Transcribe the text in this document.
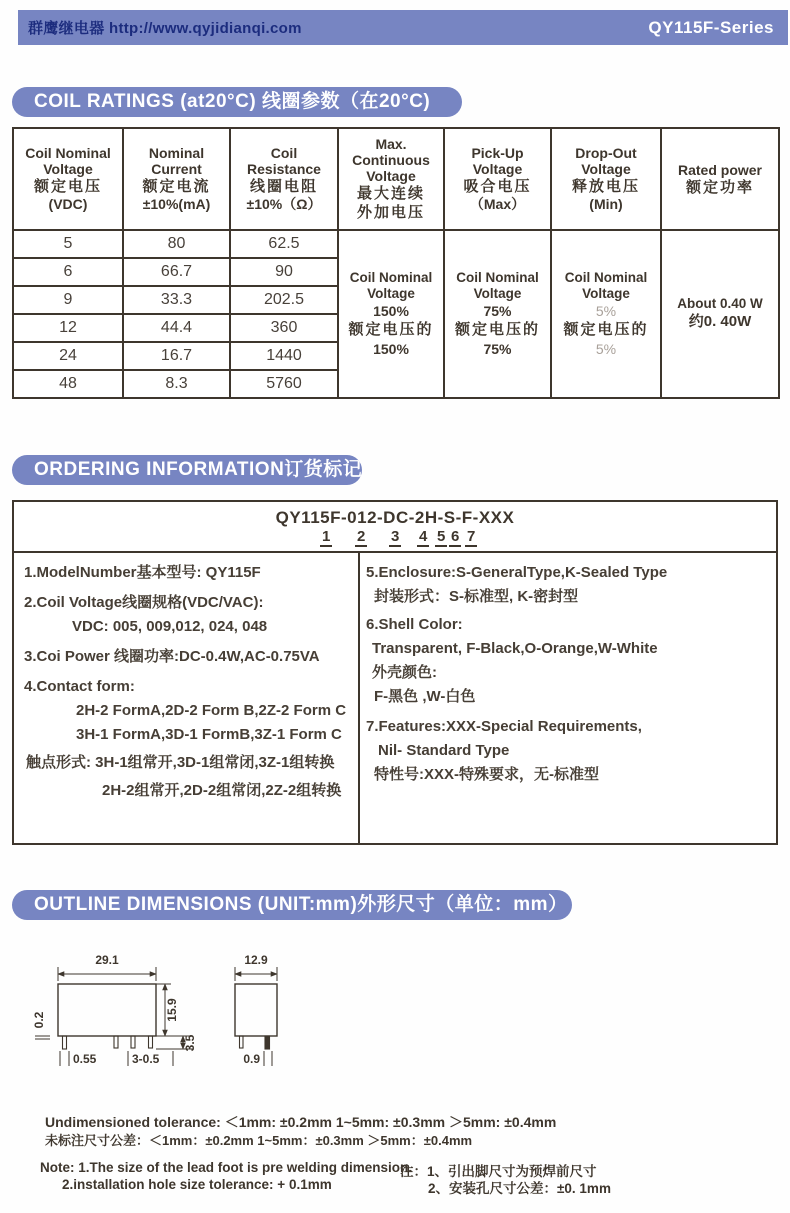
群鹰继电器 http://www.qyjidianqi.com	QY115F-Series
COIL RATINGS (at20°C) 线圈参数（在20°C)
Coil Nominal Voltage
额定电压
(VDC)

Nominal Current
额定电流
±10%(mA)

Coil Resistance
线圈电阻
±10%（Ω）

Max. Continuous Voltage
最大连续
外加电压

Pick-Up Voltage
吸合电压
（Max）

Drop-Out Voltage
释放电压
(Min)

Rated power
额定功率

5	80	62.5	
Coil Nominal Voltage
150%
额定电压的
150%

Coil Nominal Voltage
75%
额定电压的
75%

Coil Nominal Voltage
5%
额定电压的
5%

About 0.40 W
约0. 40W

6	66.7	90				
9	33.3	202.5				
12	44.4	360				
24	16.7	1440				
48	8.3	5760				
ORDERING INFORMATION订货标记
QY115F-012-DC-2H-S-F-XXX
1 2 3 4 5 6 7
1.ModelNumber基本型号: QY115F
2.Coil Voltage线圈规格(VDC/VAC):
VDC: 005, 009,012, 024, 048
3.Coi Power 线圈功率:DC-0.4W,AC-0.75VA
4.Contact form:
2H-2 FormA,2D-2 Form B,2Z-2 Form C
3H-1 FormA,3D-1 FormB,3Z-1 Form C
触点形式: 3H-1组常开,3D-1组常闭,3Z-1组转换
2H-2组常开,2D-2组常闭,2Z-2组转换
5.Enclosure:S-GeneralType,K-Sealed Type
封装形式：S-标准型, K-密封型
6.Shell Color:
Transparent, F-Black,O-Orange,W-White
外壳颜色:
F-黑色 ,W-白色
7.Features:XXX-Special Requirements,
Nil- Standard Type
特性号:XXX-特殊要求，无-标准型
OUTLINE DIMENSIONS (UNIT:mm)外形尺寸（单位：mm）
29.1
0.2	15.9
3.5
0.55	3-0.5
12.9
0.9
Undimensioned tolerance: ＜1mm: ±0.2mm 1~5mm: ±0.3mm ＞5mm: ±0.4mm
未标注尺寸公差：＜1mm：±0.2mm 1~5mm：±0.3mm ＞5mm：±0.4mm
Note: 1.The size of the lead foot is pre welding dimension.
2.installation hole size tolerance: + 0.1mm
注：1、引出脚尺寸为预焊前尺寸
2、安装孔尺寸公差：±0. 1mm
